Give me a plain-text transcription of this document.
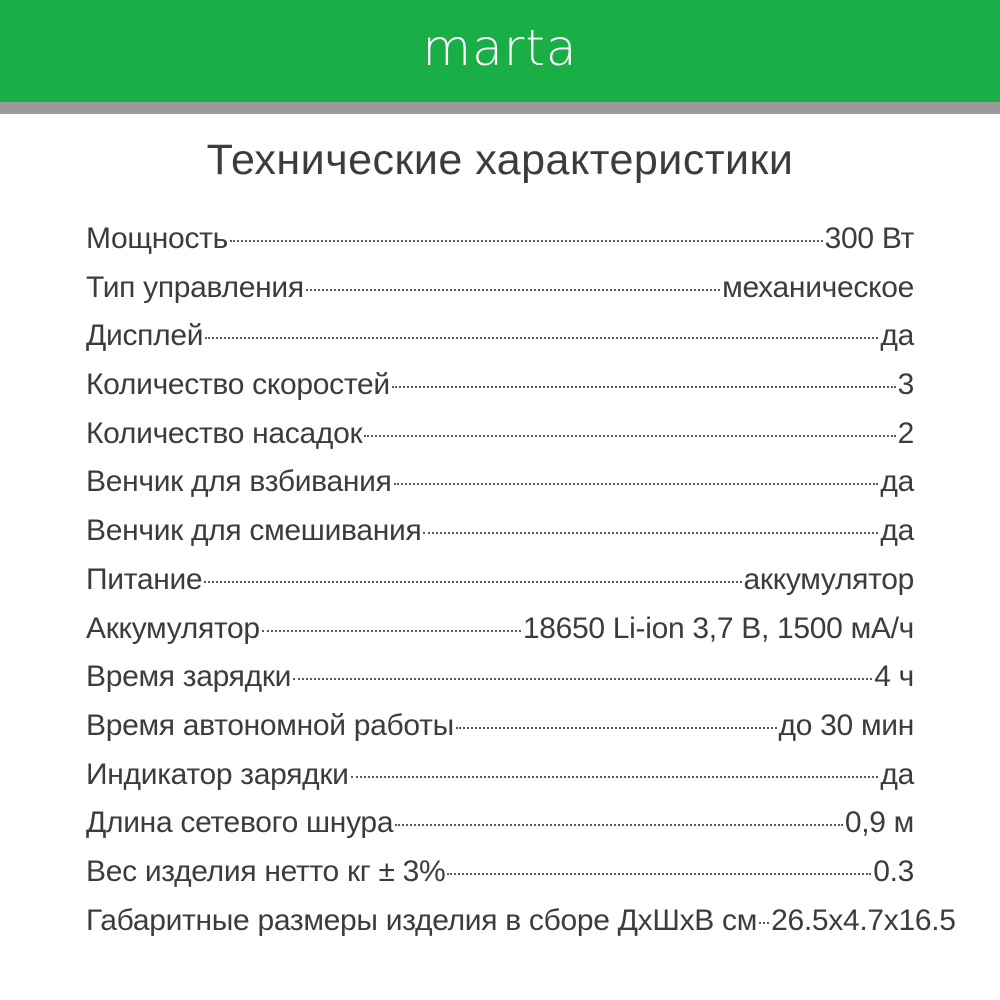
marta
Технические характеристики
Мощность	300 Вт
Тип управления	механическое
Дисплей	да
Количество скоростей	3
Количество насадок	2
Венчик для взбивания	да
Венчик для смешивания	да
Питание	аккумулятор
Аккумулятор	18650 Li-ion 3,7 В, 1500 мА/ч
Время зарядки	4 ч
Время автономной работы	до 30 мин
Индикатор зарядки	да
Длина сетевого шнура	0,9 м
Вес изделия нетто кг ± 3%	0.3
Габаритные размеры изделия в сборе ДхШхВ см 26.5х4.7х16.5
